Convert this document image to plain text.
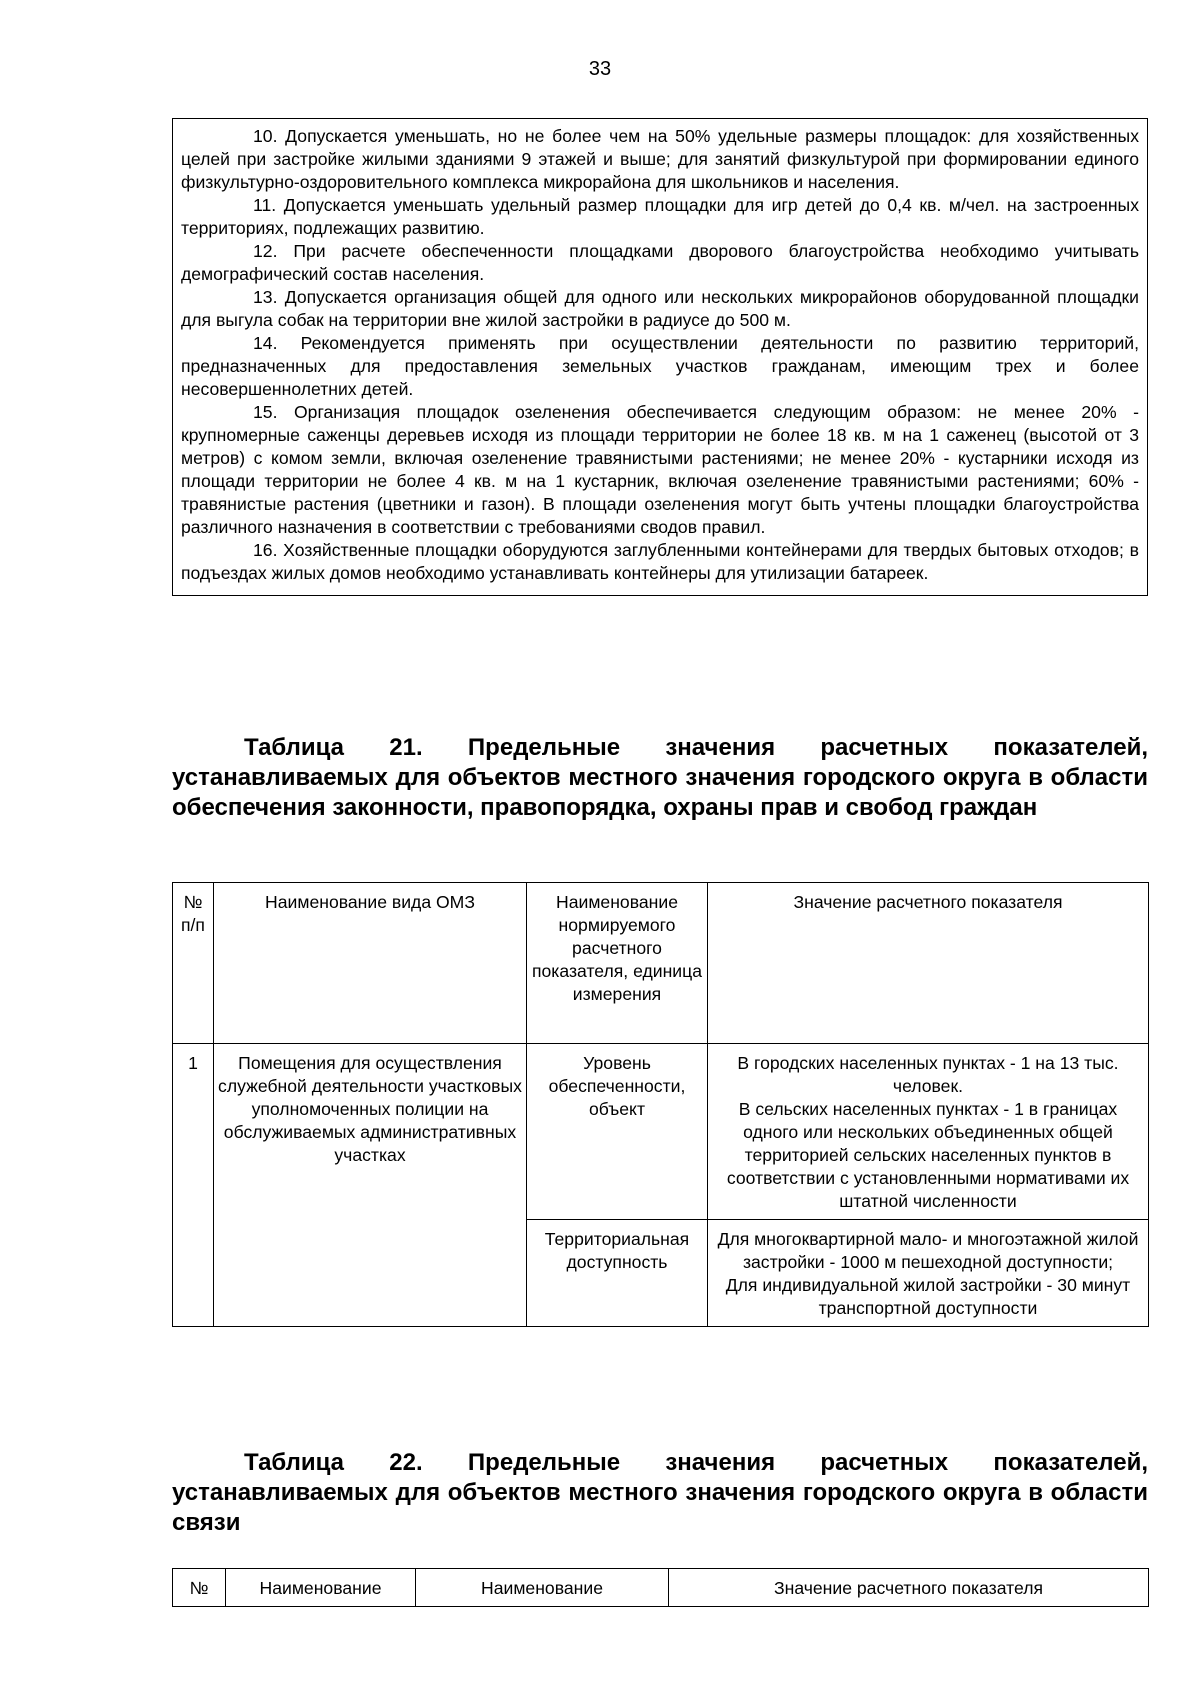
33

10. Допускается уменьшать, но не более чем на 50% удельные размеры площадок: для хозяйственных целей при застройке жилыми зданиями 9 этажей и выше; для занятий физкультурой при формировании единого физкультурно-оздоровительного комплекса микрорайона для школьников и населения.

11. Допускается уменьшать удельный размер площадки для игр детей до 0,4 кв. м/чел. на застроенных территориях, подлежащих развитию.

12. При расчете обеспеченности площадками дворового благоустройства необходимо учитывать демографический состав населения.

13. Допускается организация общей для одного или нескольких микрорайонов оборудованной площадки для выгула собак на территории вне жилой застройки в радиусе до 500 м.

14. Рекомендуется применять при осуществлении деятельности по развитию территорий, предназначенных для предоставления земельных участков гражданам, имеющим трех и более несовершеннолетних детей.

15. Организация площадок озеленения обеспечивается следующим образом: не менее 20% - крупномерные саженцы деревьев исходя из площади территории не более 18 кв. м на 1 саженец (высотой от 3 метров) с комом земли, включая озеленение травянистыми растениями; не менее 20% - кустарники исходя из площади территории не более 4 кв. м на 1 кустарник, включая озеленение травянистыми растениями; 60% - травянистые растения (цветники и газон). В площади озеленения могут быть учтены площадки благоустройства различного назначения в соответствии с требованиями сводов правил.

16. Хозяйственные площадки оборудуются заглубленными контейнерами для твердых бытовых отходов; в подъездах жилых домов необходимо устанавливать контейнеры для утилизации батареек.

Таблица 21. Предельные значения расчетных показателей, устанавливаемых для объектов местного значения городского округа в области обеспечения законности, правопорядка, охраны прав и свобод граждан
№ п/п	Наименование вида ОМЗ	Наименование нормируемого расчетного показателя, единица измерения	Значение расчетного показателя
1	Помещения для осуществления служебной деятельности участковых уполномоченных полиции на обслуживаемых административных участках	Уровень обеспеченности, объект	В городских населенных пунктах - 1 на 13 тыс. человек.
В сельских населенных пунктах - 1 в границах одного или нескольких объединенных общей территорией сельских населенных пунктов в соответствии с установленными нормативами их штатной численности

		Территориальная доступность	Для многоквартирной мало- и многоэтажной жилой застройки - 1000 м пешеходной доступности;
Для индивидуальной жилой застройки - 30 минут транспортной доступности
Таблица 22. Предельные значения расчетных показателей, устанавливаемых для объектов местного значения городского округа в области связи
№	Наименование	Наименование	Значение расчетного показателя
